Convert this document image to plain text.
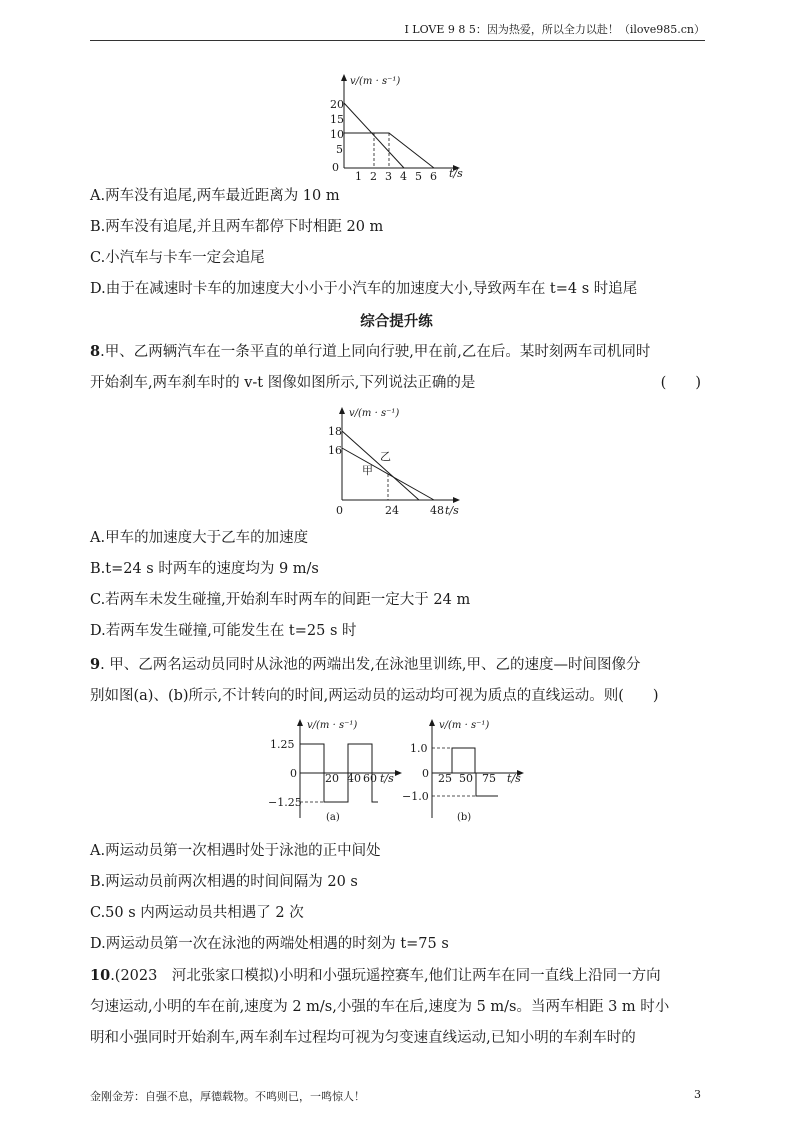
I LOVE 9 8 5：因为热爱，所以全力以赴！（ilove985.cn）
v/(m · s⁻¹)
t/s
20
15
10
5
0
1 2 3 4 5 6
A.两车没有追尾,两车最近距离为 10 m
B.两车没有追尾,并且两车都停下时相距 20 m
C.小汽车与卡车一定会追尾
D.由于在减速时卡车的加速度大小小于小汽车的加速度大小,导致两车在 t=4 s 时追尾
综合提升练
8.甲、乙两辆汽车在一条平直的单行道上同向行驶,甲在前,乙在后。某时刻两车司机同时
开始刹车,两车刹车时的 v-t 图像如图所示,下列说法正确的是	(　　)
v/(m · s⁻¹)
t/s
18
16
0	24	48
乙
甲
A.甲车的加速度大于乙车的加速度
B.t=24 s 时两车的速度均为 9 m/s
C.若两车未发生碰撞,开始刹车时两车的间距一定大于 24 m
D.若两车发生碰撞,可能发生在 t=25 s 时
9. 甲、乙两名运动员同时从泳池的两端出发,在泳池里训练,甲、乙的速度—时间图像分
别如图(a)、(b)所示,不计转向的时间,两运动员的运动均可视为质点的直线运动。则(　　)
v/(m · s⁻¹)
t/s
1.25
0
−1.25
20 40 60
(a)
v/(m · s⁻¹)
t/s
1.0
0
−1.0
25 50 75
(b)
A.两运动员第一次相遇时处于泳池的正中间处
B.两运动员前两次相遇的时间间隔为 20 s
C.50 s 内两运动员共相遇了 2 次
D.两运动员第一次在泳池的两端处相遇的时刻为 t=75 s
10.(2023　河北张家口模拟)小明和小强玩遥控赛车,他们让两车在同一直线上沿同一方向
匀速运动,小明的车在前,速度为 2 m/s,小强的车在后,速度为 5 m/s。当两车相距 3 m 时小
明和小强同时开始刹车,两车刹车过程均可视为匀变速直线运动,已知小明的车刹车时的
金刚金芳：自强不息，厚德载物。不鸣则已，一鸣惊人！	3
